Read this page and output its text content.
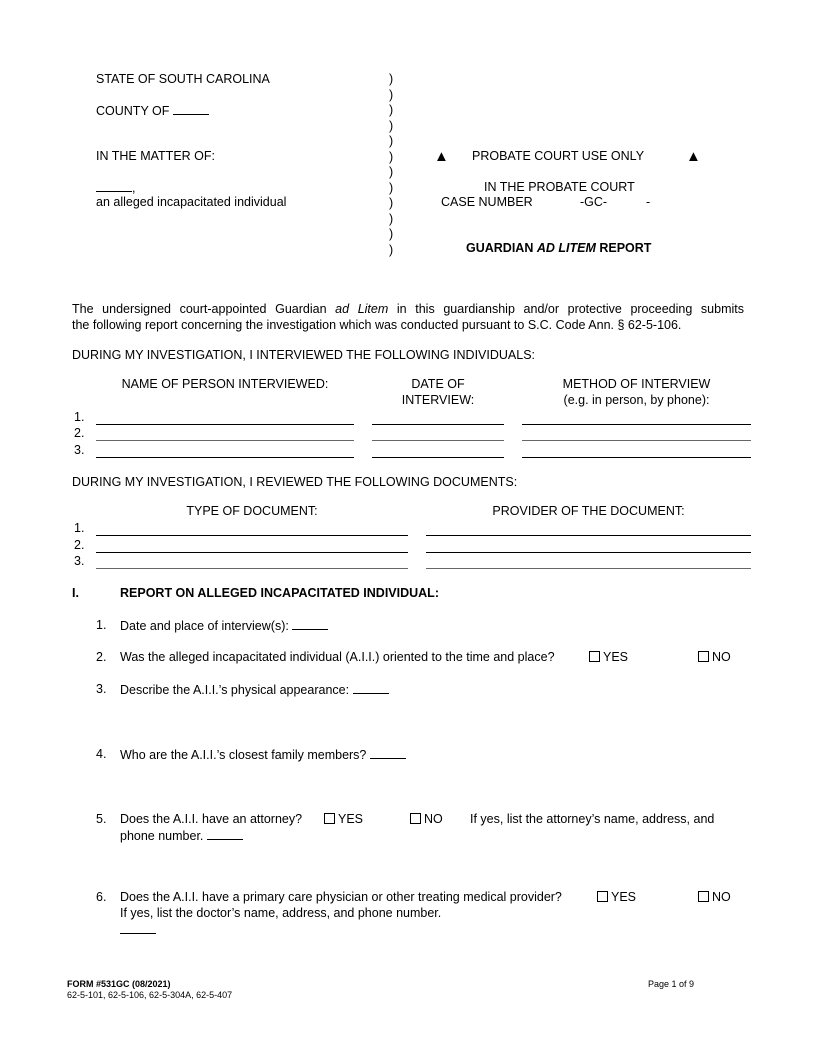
STATE OF SOUTH CAROLINA
COUNTY OF
IN THE MATTER OF:
,
an alleged incapacitated individual
)
)
)
)
)
)
)
)
)
)
)
)
▲ PROBATE COURT USE ONLY	▲
IN THE PROBATE COURT
CASE NUMBER	-GC-	-
GUARDIAN AD LITEM REPORT
The undersigned court-appointed Guardian ad Litem in this guardianship and/or protective proceeding submits
the following report concerning the investigation which was conducted pursuant to S.C. Code Ann. § 62-5-106.
DURING MY INVESTIGATION, I INTERVIEWED THE FOLLOWING INDIVIDUALS:
NAME OF PERSON INTERVIEWED:	DATE OF
INTERVIEW:
METHOD OF INTERVIEW
(e.g. in person, by phone):
1.
2.
3.
DURING MY INVESTIGATION, I REVIEWED THE FOLLOWING DOCUMENTS:
TYPE OF DOCUMENT:	PROVIDER OF THE DOCUMENT:
1.
2.
3.
I.	REPORT ON ALLEGED INCAPACITATED INDIVIDUAL:
1. Date and place of interview(s):
2. Was the alleged incapacitated individual (A.I.I.) oriented to the time and place?	YES	NO
3. Describe the A.I.I.’s physical appearance:
4. Who are the A.I.I.’s closest family members?
5. Does the A.I.I. have an attorney?	YES	NO If yes, list the attorney’s name, address, and
phone number.
6. Does the A.I.I. have a primary care physician or other treating medical provider?	YES	NO
If yes, list the doctor’s name, address, and phone number.
FORM #531GC (08/2021)
62-5-101, 62-5-106, 62-5-304A, 62-5-407
Page 1 of 9
